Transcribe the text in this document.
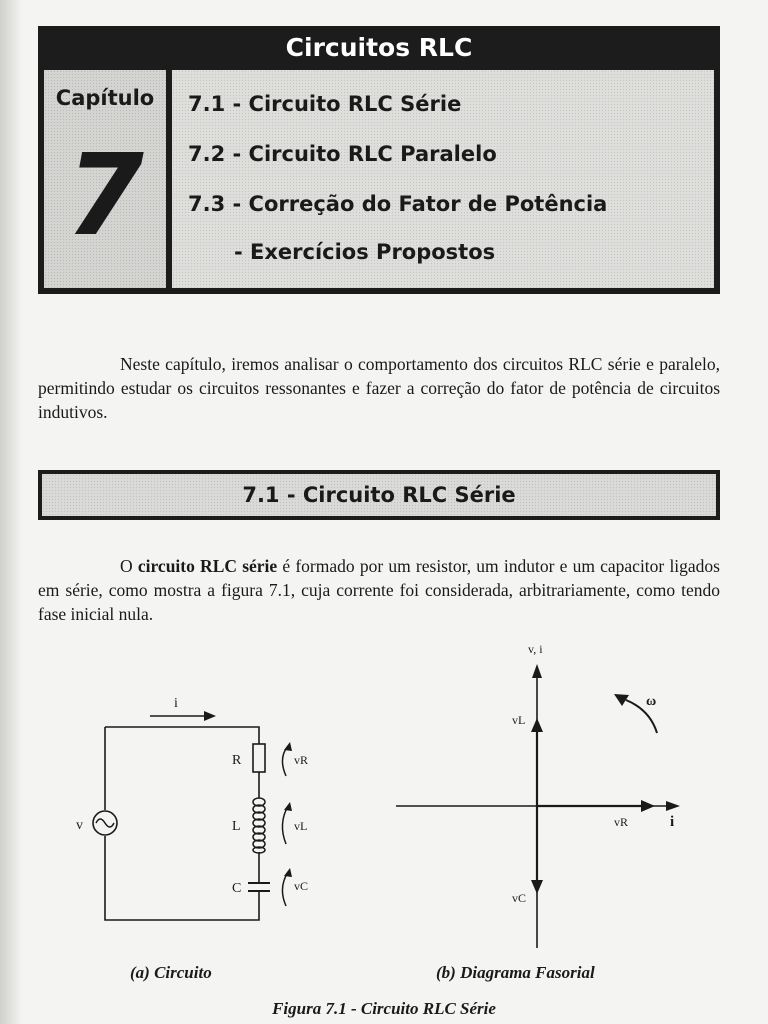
Circuitos RLC
Capítulo
7
7.1 - Circuito RLC Série
7.2 - Circuito RLC Paralelo
7.3 - Correção do Fator de Potência
- Exercícios Propostos

Neste capítulo, iremos analisar o comportamento dos circuitos RLC série e paralelo, permitindo estudar os circuitos ressonantes e fazer a correção do fator de potência de circuitos indutivos.

7.1 - Circuito RLC Série

O circuito RLC série é formado por um resistor, um indutor e um capacitor ligados em série, como mostra a figura 7.1, cuja corrente foi considerada, arbitrariamente, como tendo fase inicial nula.

i
v
R	vR
L	vL
C	vC
v, i
i
vL
vR
vC
ω
(a) Circuito	(b) Diagrama Fasorial
Figura 7.1 - Circuito RLC Série
